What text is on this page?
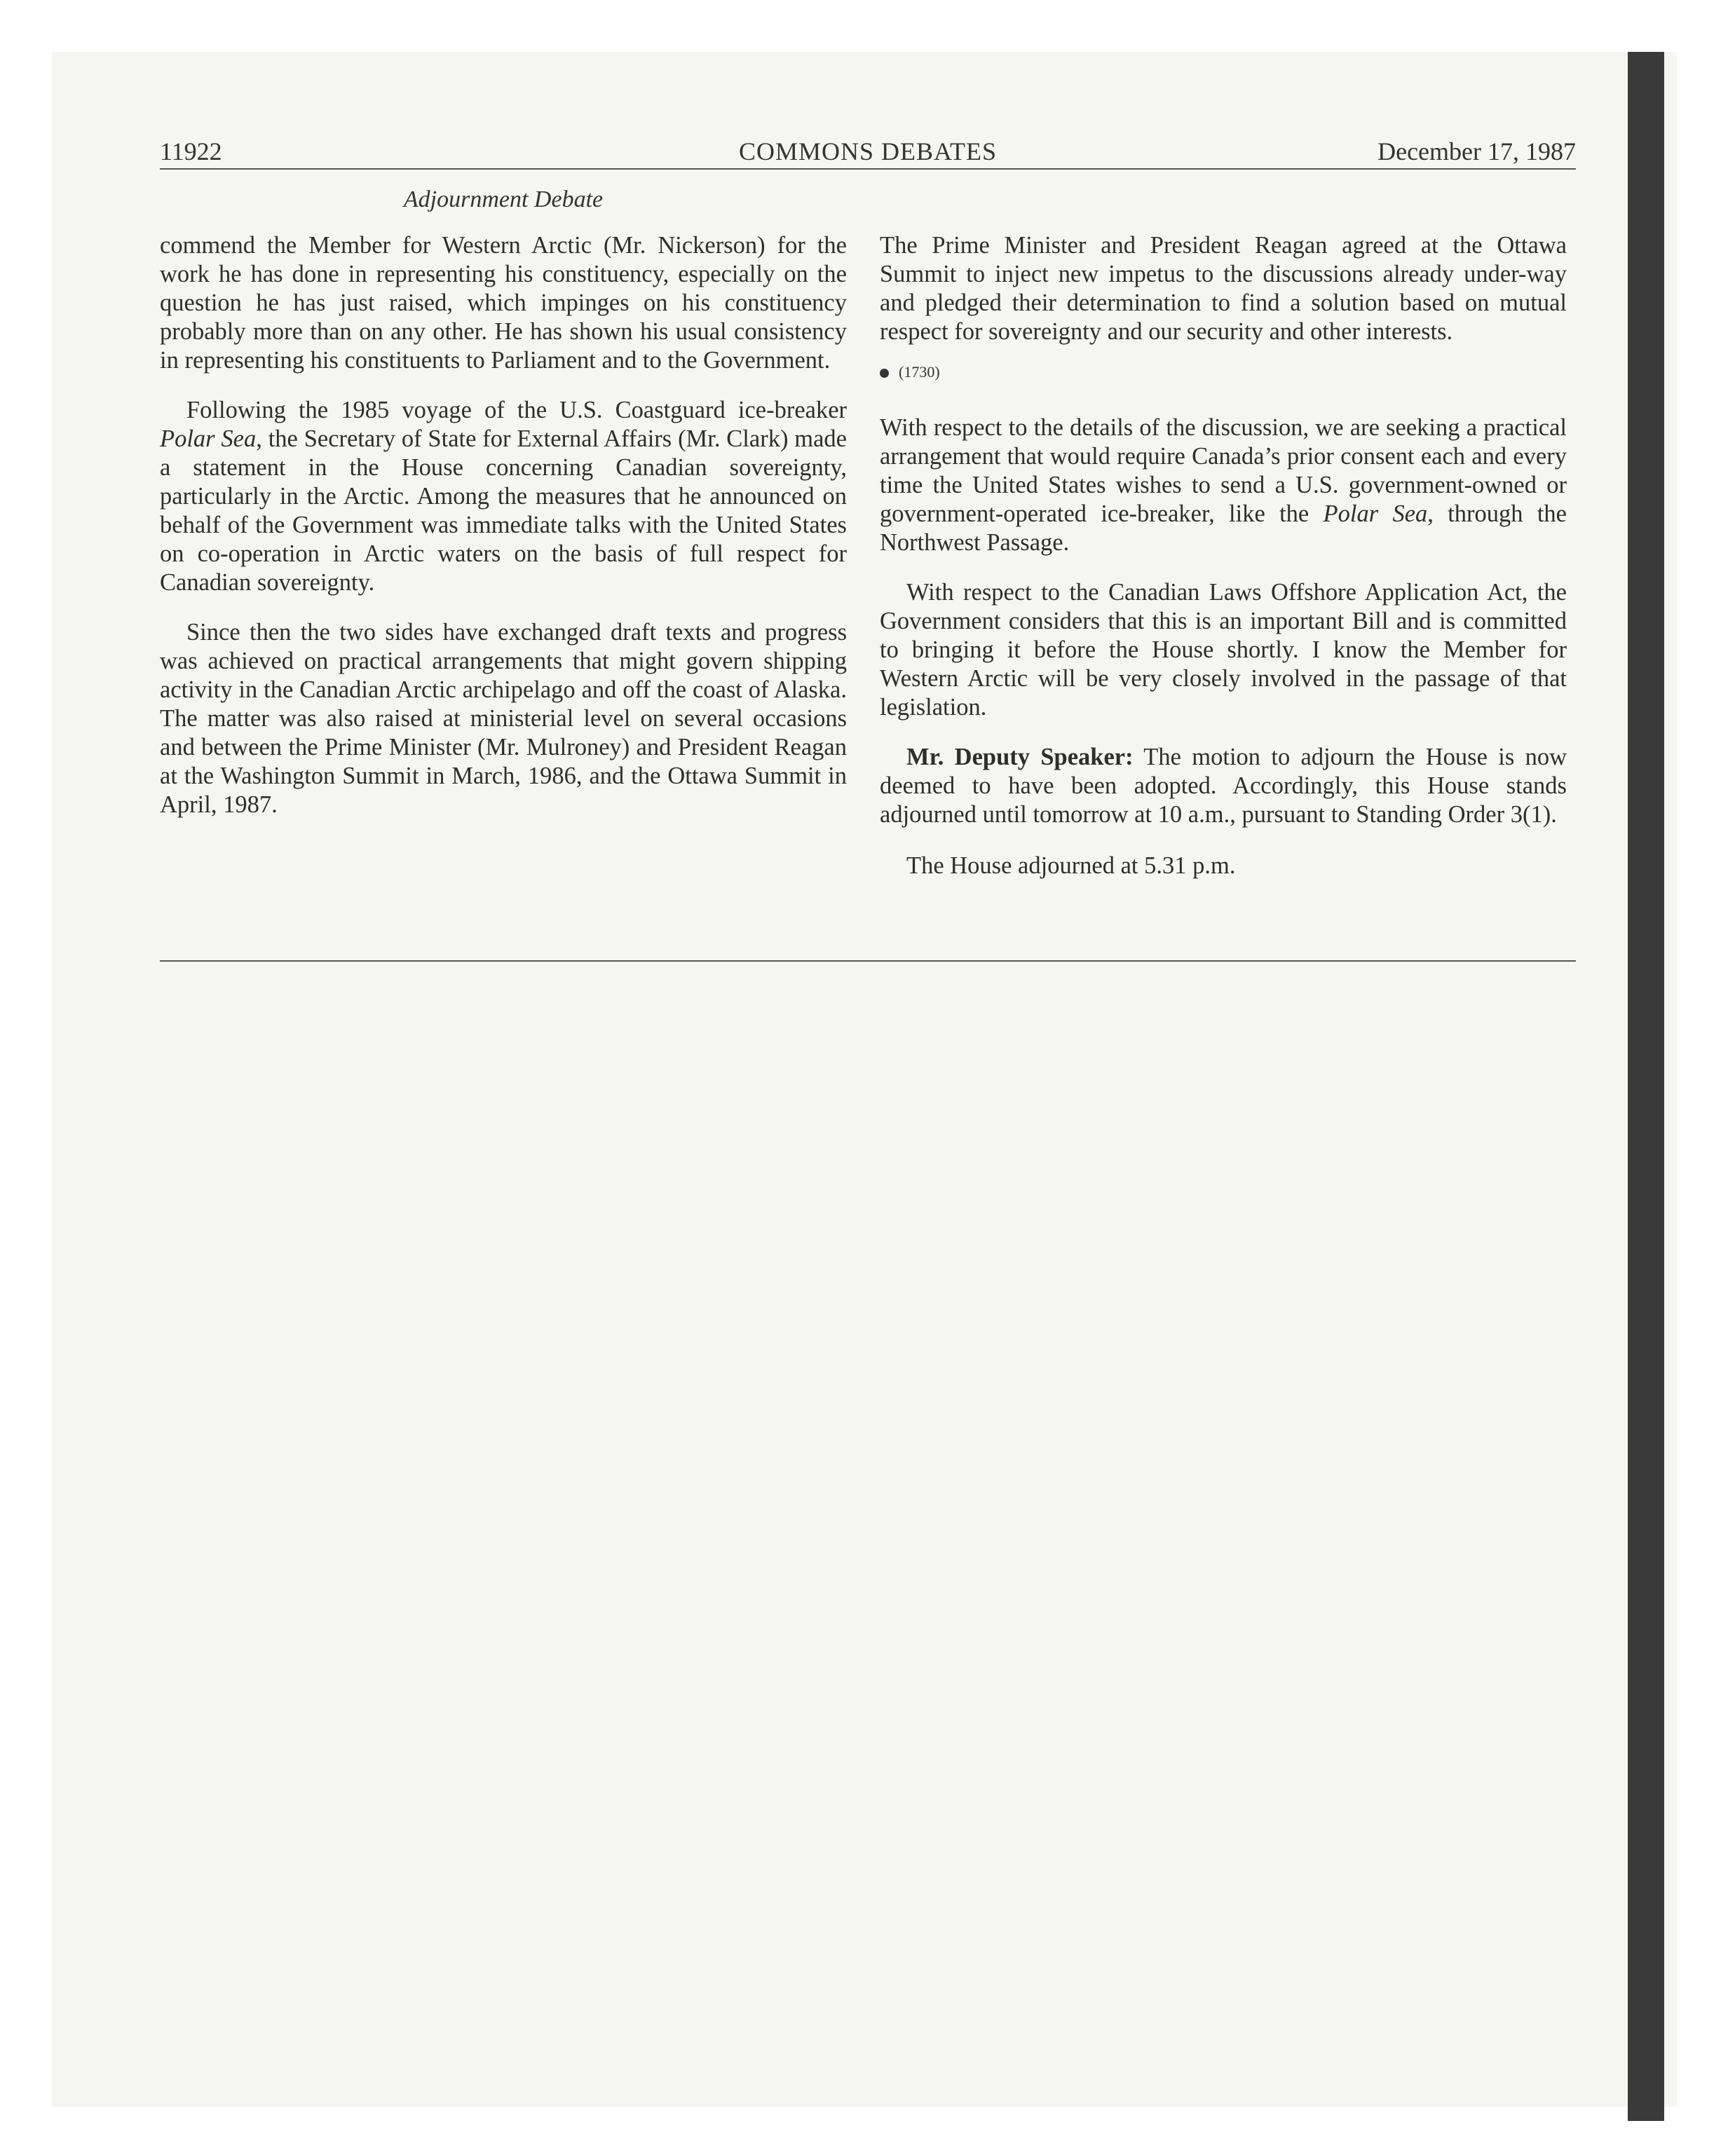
11922	COMMONS DEBATES	December 17, 1987
Adjournment Debate

commend the Member for Western Arctic (Mr. Nickerson) for the work he has done in representing his constituency, especially on the question he has just raised, which impinges on his constituency probably more than on any other. He has shown his usual consistency in representing his constituents to Parliament and to the Government.

Following the 1985 voyage of the U.S. Coastguard ice-breaker Polar Sea, the Secretary of State for External Affairs (Mr. Clark) made a statement in the House concerning Canadian sovereignty, particularly in the Arctic. Among the measures that he announced on behalf of the Government was immediate talks with the United States on co-operation in Arctic waters on the basis of full respect for Canadian sovereignty.

Since then the two sides have exchanged draft texts and progress was achieved on practical arrangements that might govern shipping activity in the Canadian Arctic archipelago and off the coast of Alaska. The matter was also raised at ministerial level on several occasions and between the Prime Minister (Mr. Mulroney) and President Reagan at the Washington Summit in March, 1986, and the Ottawa Summit in April, 1987.

The Prime Minister and President Reagan agreed at the Ottawa Summit to inject new impetus to the discussions already under-way and pledged their determination to find a solution based on mutual respect for sovereignty and our security and other interests.

(1730)

With respect to the details of the discussion, we are seeking a practical arrangement that would require Canada’s prior consent each and every time the United States wishes to send a U.S. government-owned or government-operated ice-breaker, like the Polar Sea, through the Northwest Passage.

With respect to the Canadian Laws Offshore Application Act, the Government considers that this is an important Bill and is committed to bringing it before the House shortly. I know the Member for Western Arctic will be very closely involved in the passage of that legislation.

Mr. Deputy Speaker: The motion to adjourn the House is now deemed to have been adopted. Accordingly, this House stands adjourned until tomorrow at 10 a.m., pursuant to Standing Order 3(1).

The House adjourned at 5.31 p.m.
